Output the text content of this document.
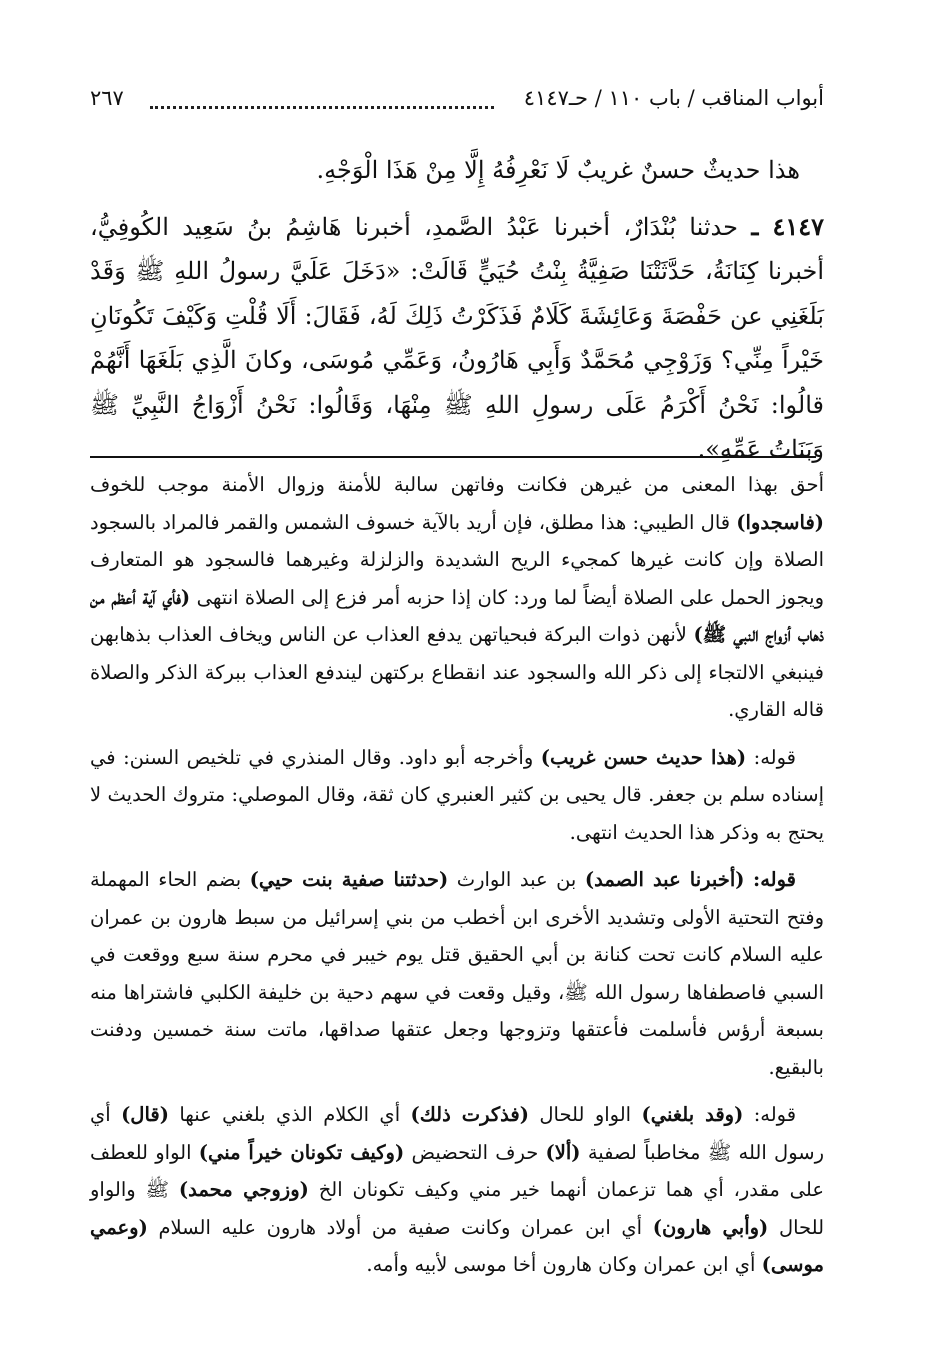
أبواب المناقب / باب ١١٠ / حـ٤١٤٧
٢٦٧

هذا حديثٌ حسنٌ غريبٌ لَا نَعْرِفُهُ إِلَّا مِنْ هَذَا الْوَجْهِ.

٤١٤٧ ـ حدثنا بُنْدَارٌ، أخبرنا عَبْدُ الصَّمدِ، أخبرنا هَاشِمُ بنُ سَعِيد الكُوفِيُّ، أخبرنا كِنَانَةُ، حَدَّثَتْنَا صَفِيَّةُ بِنْتُ حُيَيٍّ قَالَتْ: «دَخَلَ عَلَيَّ رسولُ اللهِ ﷺ وَقَدْ بَلَغَنِي عن حَفْصَةَ وَعَائِشَةَ كَلَامٌ فَذَكَرْتُ ذَلِكَ لَهُ، فَقَالَ: أَلَا قُلْتِ وَكَيْفَ تَكُونَانِ خَيْراً مِنِّي؟ وَزَوْجِي مُحَمَّدٌ وَأَبِي هَارُونُ، وَعَمِّي مُوسَى، وكانَ الَّذِي بَلَغَهَا أَنَّهُمْ قالُوا: نَحْنُ أَكْرَمُ عَلَى رسولِ اللهِ ﷺ مِنْهَا، وَقَالُوا: نَحْنُ أَزْوَاجُ النَّبِيِّ ﷺ وَبَنَاتُ عَمِّهِ».

أحق بهذا المعنى من غيرهن فكانت وفاتهن سالبة للأمنة وزوال الأمنة موجب للخوف (فاسجدوا) قال الطيبي: هذا مطلق، فإن أريد بالآية خسوف الشمس والقمر فالمراد بالسجود الصلاة وإن كانت غيرها كمجيء الريح الشديدة والزلزلة وغيرهما فالسجود هو المتعارف ويجوز الحمل على الصلاة أيضاً لما ورد: كان إذا حزبه أمر فزع إلى الصلاة انتهى (فأي آية أعظم من ذهاب أزواج النبي ﷺ) لأنهن ذوات البركة فبحياتهن يدفع العذاب عن الناس ويخاف العذاب بذهابهن فينبغي الالتجاء إلى ذكر الله والسجود عند انقطاع بركتهن ليندفع العذاب ببركة الذكر والصلاة قاله القاري.

قوله: (هذا حديث حسن غريب) وأخرجه أبو داود. وقال المنذري في تلخيص السنن: في إسناده سلم بن جعفر. قال يحيى بن كثير العنبري كان ثقة، وقال الموصلي: متروك الحديث لا يحتج به وذكر هذا الحديث انتهى.

قوله: (أخبرنا عبد الصمد) بن عبد الوارث (حدثتنا صفية بنت حيي) بضم الحاء المهملة وفتح التحتية الأولى وتشديد الأخرى ابن أخطب من بني إسرائيل من سبط هارون بن عمران عليه السلام كانت تحت كنانة بن أبي الحقيق قتل يوم خيبر في محرم سنة سبع ووقعت في السبي فاصطفاها رسول الله ﷺ، وقيل وقعت في سهم دحية بن خليفة الكلبي فاشتراها منه بسبعة أرؤس فأسلمت فأعتقها وتزوجها وجعل عتقها صداقها، ماتت سنة خمسين ودفنت بالبقيع.

قوله: (وقد بلغني) الواو للحال (فذكرت ذلك) أي الكلام الذي بلغني عنها (قال) أي رسول الله ﷺ مخاطباً لصفية (ألا) حرف التحضيض (وكيف تكونان خيراً مني) الواو للعطف على مقدر، أي هما تزعمان أنهما خير مني وكيف تكونان الخ (وزوجي محمد) ﷺ والواو للحال (وأبي هارون) أي ابن عمران وكانت صفية من أولاد هارون عليه السلام (وعمي موسى) أي ابن عمران وكان هارون أخا موسى لأبيه وأمه.
